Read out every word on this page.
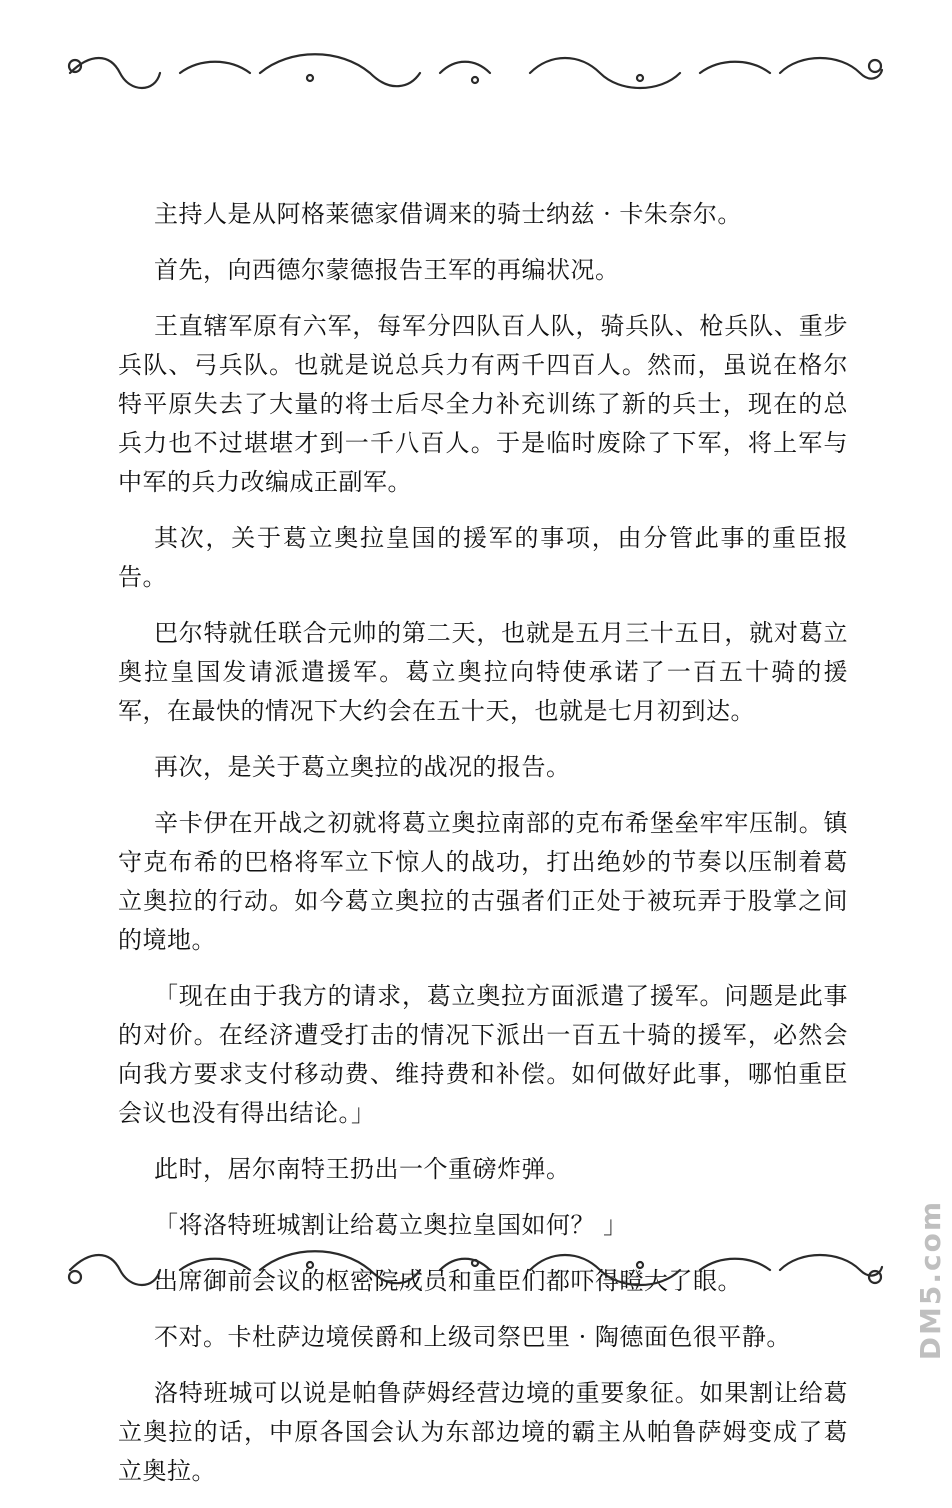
主持人是从阿格莱德家借调来的骑士纳兹 · 卡朱奈尔。

首先，向西德尔蒙德报告王军的再编状况。

王直辖军原有六军，每军分四队百人队，骑兵队、枪兵队、重步兵队、弓兵队。也就是说总兵力有两千四百人。然而，虽说在格尔特平原失去了大量的将士后尽全力补充训练了新的兵士，现在的总兵力也不过堪堪才到一千八百人。于是临时废除了下军，将上军与中军的兵力改编成正副军。

其次，关于葛立奥拉皇国的援军的事项，由分管此事的重臣报告。

巴尔特就任联合元帅的第二天，也就是五月三十五日，就对葛立奥拉皇国发请派遣援军。葛立奥拉向特使承诺了一百五十骑的援军，在最快的情况下大约会在五十天，也就是七月初到达。

再次，是关于葛立奥拉的战况的报告。

辛卡伊在开战之初就将葛立奥拉南部的克布希堡垒牢牢压制。镇守克布希的巴格将军立下惊人的战功，打出绝妙的节奏以压制着葛立奥拉的行动。如今葛立奥拉的古强者们正处于被玩弄于股掌之间的境地。

「现在由于我方的请求，葛立奥拉方面派遣了援军。问题是此事的对价。在经济遭受打击的情况下派出一百五十骑的援军，必然会向我方要求支付移动费、维持费和补偿。如何做好此事，哪怕重臣会议也没有得出结论。」

此时，居尔南特王扔出一个重磅炸弹。

「将洛特班城割让给葛立奥拉皇国如何？ 」

出席御前会议的枢密院成员和重臣们都吓得瞪大了眼。

不对。卡杜萨边境侯爵和上级司祭巴里 · 陶德面色很平静。

洛特班城可以说是帕鲁萨姆经营边境的重要象征。如果割让给葛立奥拉的话，中原各国会认为东部边境的霸主从帕鲁萨姆变成了葛立奥拉。

DM5.com
